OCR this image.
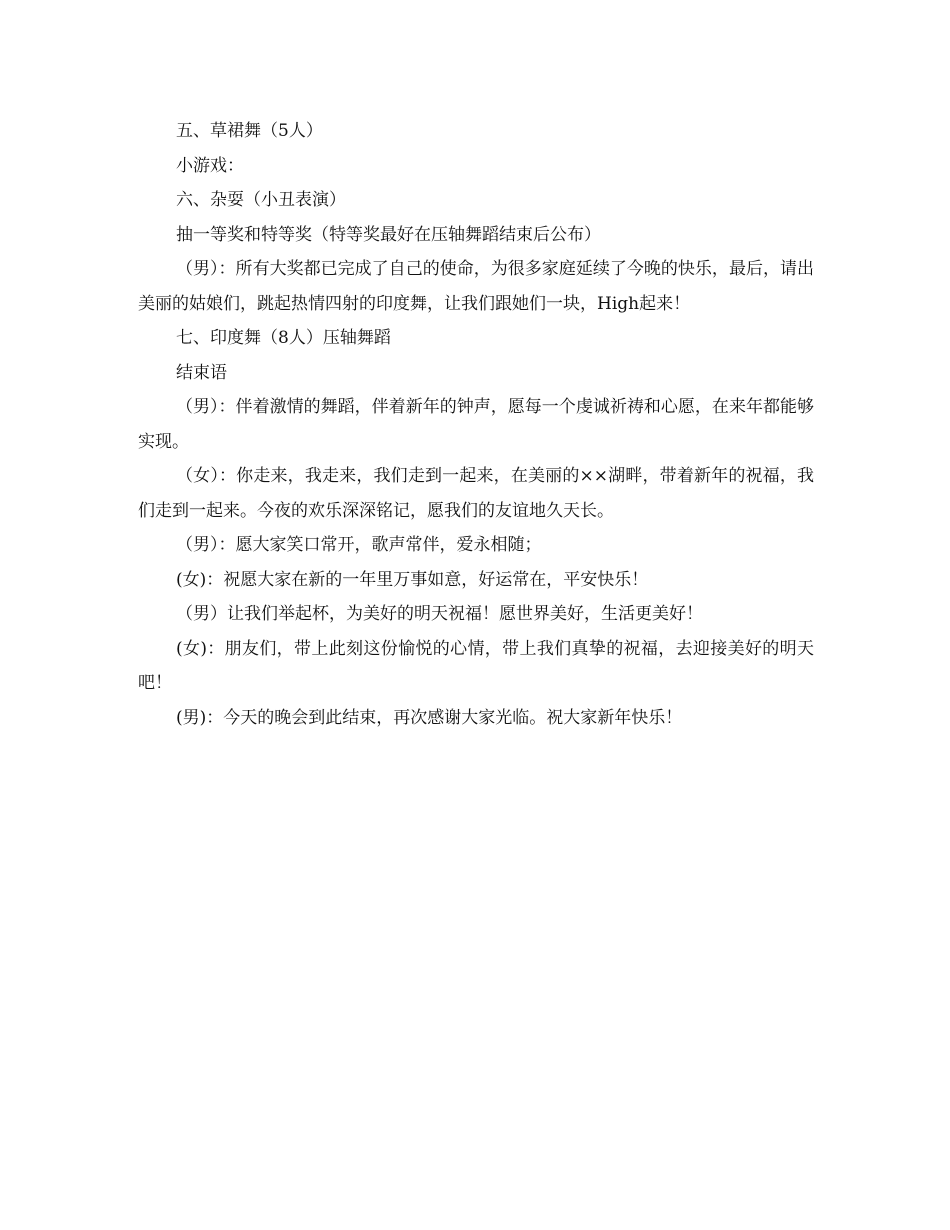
五、草裙舞（5人）

小游戏：

六、杂耍（小丑表演）

抽一等奖和特等奖（特等奖最好在压轴舞蹈结束后公布）

（男）：所有大奖都已完成了自己的使命，为很多家庭延续了今晚的快乐，最后，请出美丽的姑娘们，跳起热情四射的印度舞，让我们跟她们一块，High起来！

七、印度舞（8人）压轴舞蹈

结束语

（男）：伴着激情的舞蹈，伴着新年的钟声，愿每一个虔诚祈祷和心愿，在来年都能够实现。

（女）：你走来，我走来，我们走到一起来，在美丽的××湖畔，带着新年的祝福，我们走到一起来。今夜的欢乐深深铭记，愿我们的友谊地久天长。

（男）：愿大家笑口常开，歌声常伴，爱永相随；

(女)：祝愿大家在新的一年里万事如意，好运常在，平安快乐！

（男）让我们举起杯，为美好的明天祝福！愿世界美好，生活更美好！

(女)：朋友们，带上此刻这份愉悦的心情，带上我们真挚的祝福，去迎接美好的明天吧！

(男)：今天的晚会到此结束，再次感谢大家光临。祝大家新年快乐！
